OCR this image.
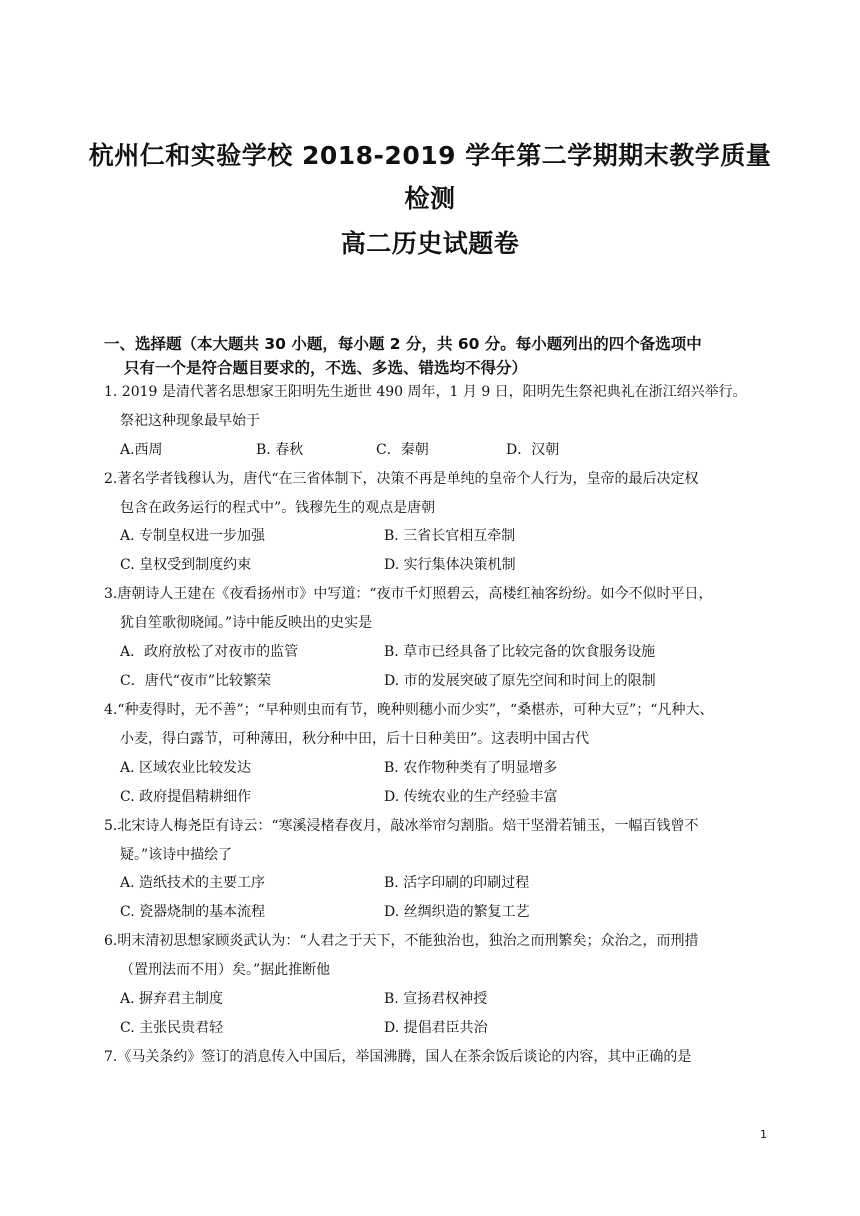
杭州仁和实验学校 2018-2019 学年第二学期期末教学质量
检测
高二历史试题卷
一、选择题（本大题共 30 小题，每小题 2 分，共 60 分。每小题列出的四个备选项中
只有一个是符合题目要求的，不选、多选、错选均不得分）
1. 2019 是清代著名思想家王阳明先生逝世 490 周年，1 月 9 日，阳明先生祭祀典礼在浙江绍兴举行。
祭祀这种现象最早始于
A.西周	B. 春秋	C．秦朝	D．汉朝
2.著名学者钱穆认为，唐代“在三省体制下，决策不再是单纯的皇帝个人行为，皇帝的最后决定权
包含在政务运行的程式中”。钱穆先生的观点是唐朝
A. 专制皇权进一步加强	B. 三省长官相互牵制
C. 皇权受到制度约束	D. 实行集体决策机制
3.唐朝诗人王建在《夜看扬州市》中写道：“夜市千灯照碧云，高楼红袖客纷纷。如今不似时平日，
犹自笙歌彻晓闻。”诗中能反映出的史实是
A．政府放松了对夜市的监管	B. 草市已经具备了比较完备的饮食服务设施
C．唐代“夜市”比较繁荣	D. 市的发展突破了原先空间和时间上的限制
4.“种麦得时，无不善”；“早种则虫而有节，晚种则穗小而少实”，“桑椹赤，可种大豆”；“凡种大、
小麦，得白露节，可种薄田，秋分种中田，后十日种美田”。这表明中国古代
A. 区域农业比较发达	B. 农作物种类有了明显增多
C. 政府提倡精耕细作	D. 传统农业的生产经验丰富
5.北宋诗人梅尧臣有诗云：“寒溪浸楮春夜月，敲冰举帘匀割脂。焙干坚滑若铺玉，一幅百钱曾不
疑。”该诗中描绘了
A. 造纸技术的主要工序	B. 活字印刷的印刷过程
C. 瓷器烧制的基本流程	D. 丝绸织造的繁复工艺
6.明末清初思想家顾炎武认为：“人君之于天下，不能独治也，独治之而刑繁矣；众治之，而刑措
（置刑法而不用）矣。”据此推断他
A. 摒弃君主制度	B. 宣扬君权神授
C. 主张民贵君轻	D. 提倡君臣共治
7.《马关条约》签订的消息传入中国后，举国沸腾，国人在茶余饭后谈论的内容，其中正确的是
1
